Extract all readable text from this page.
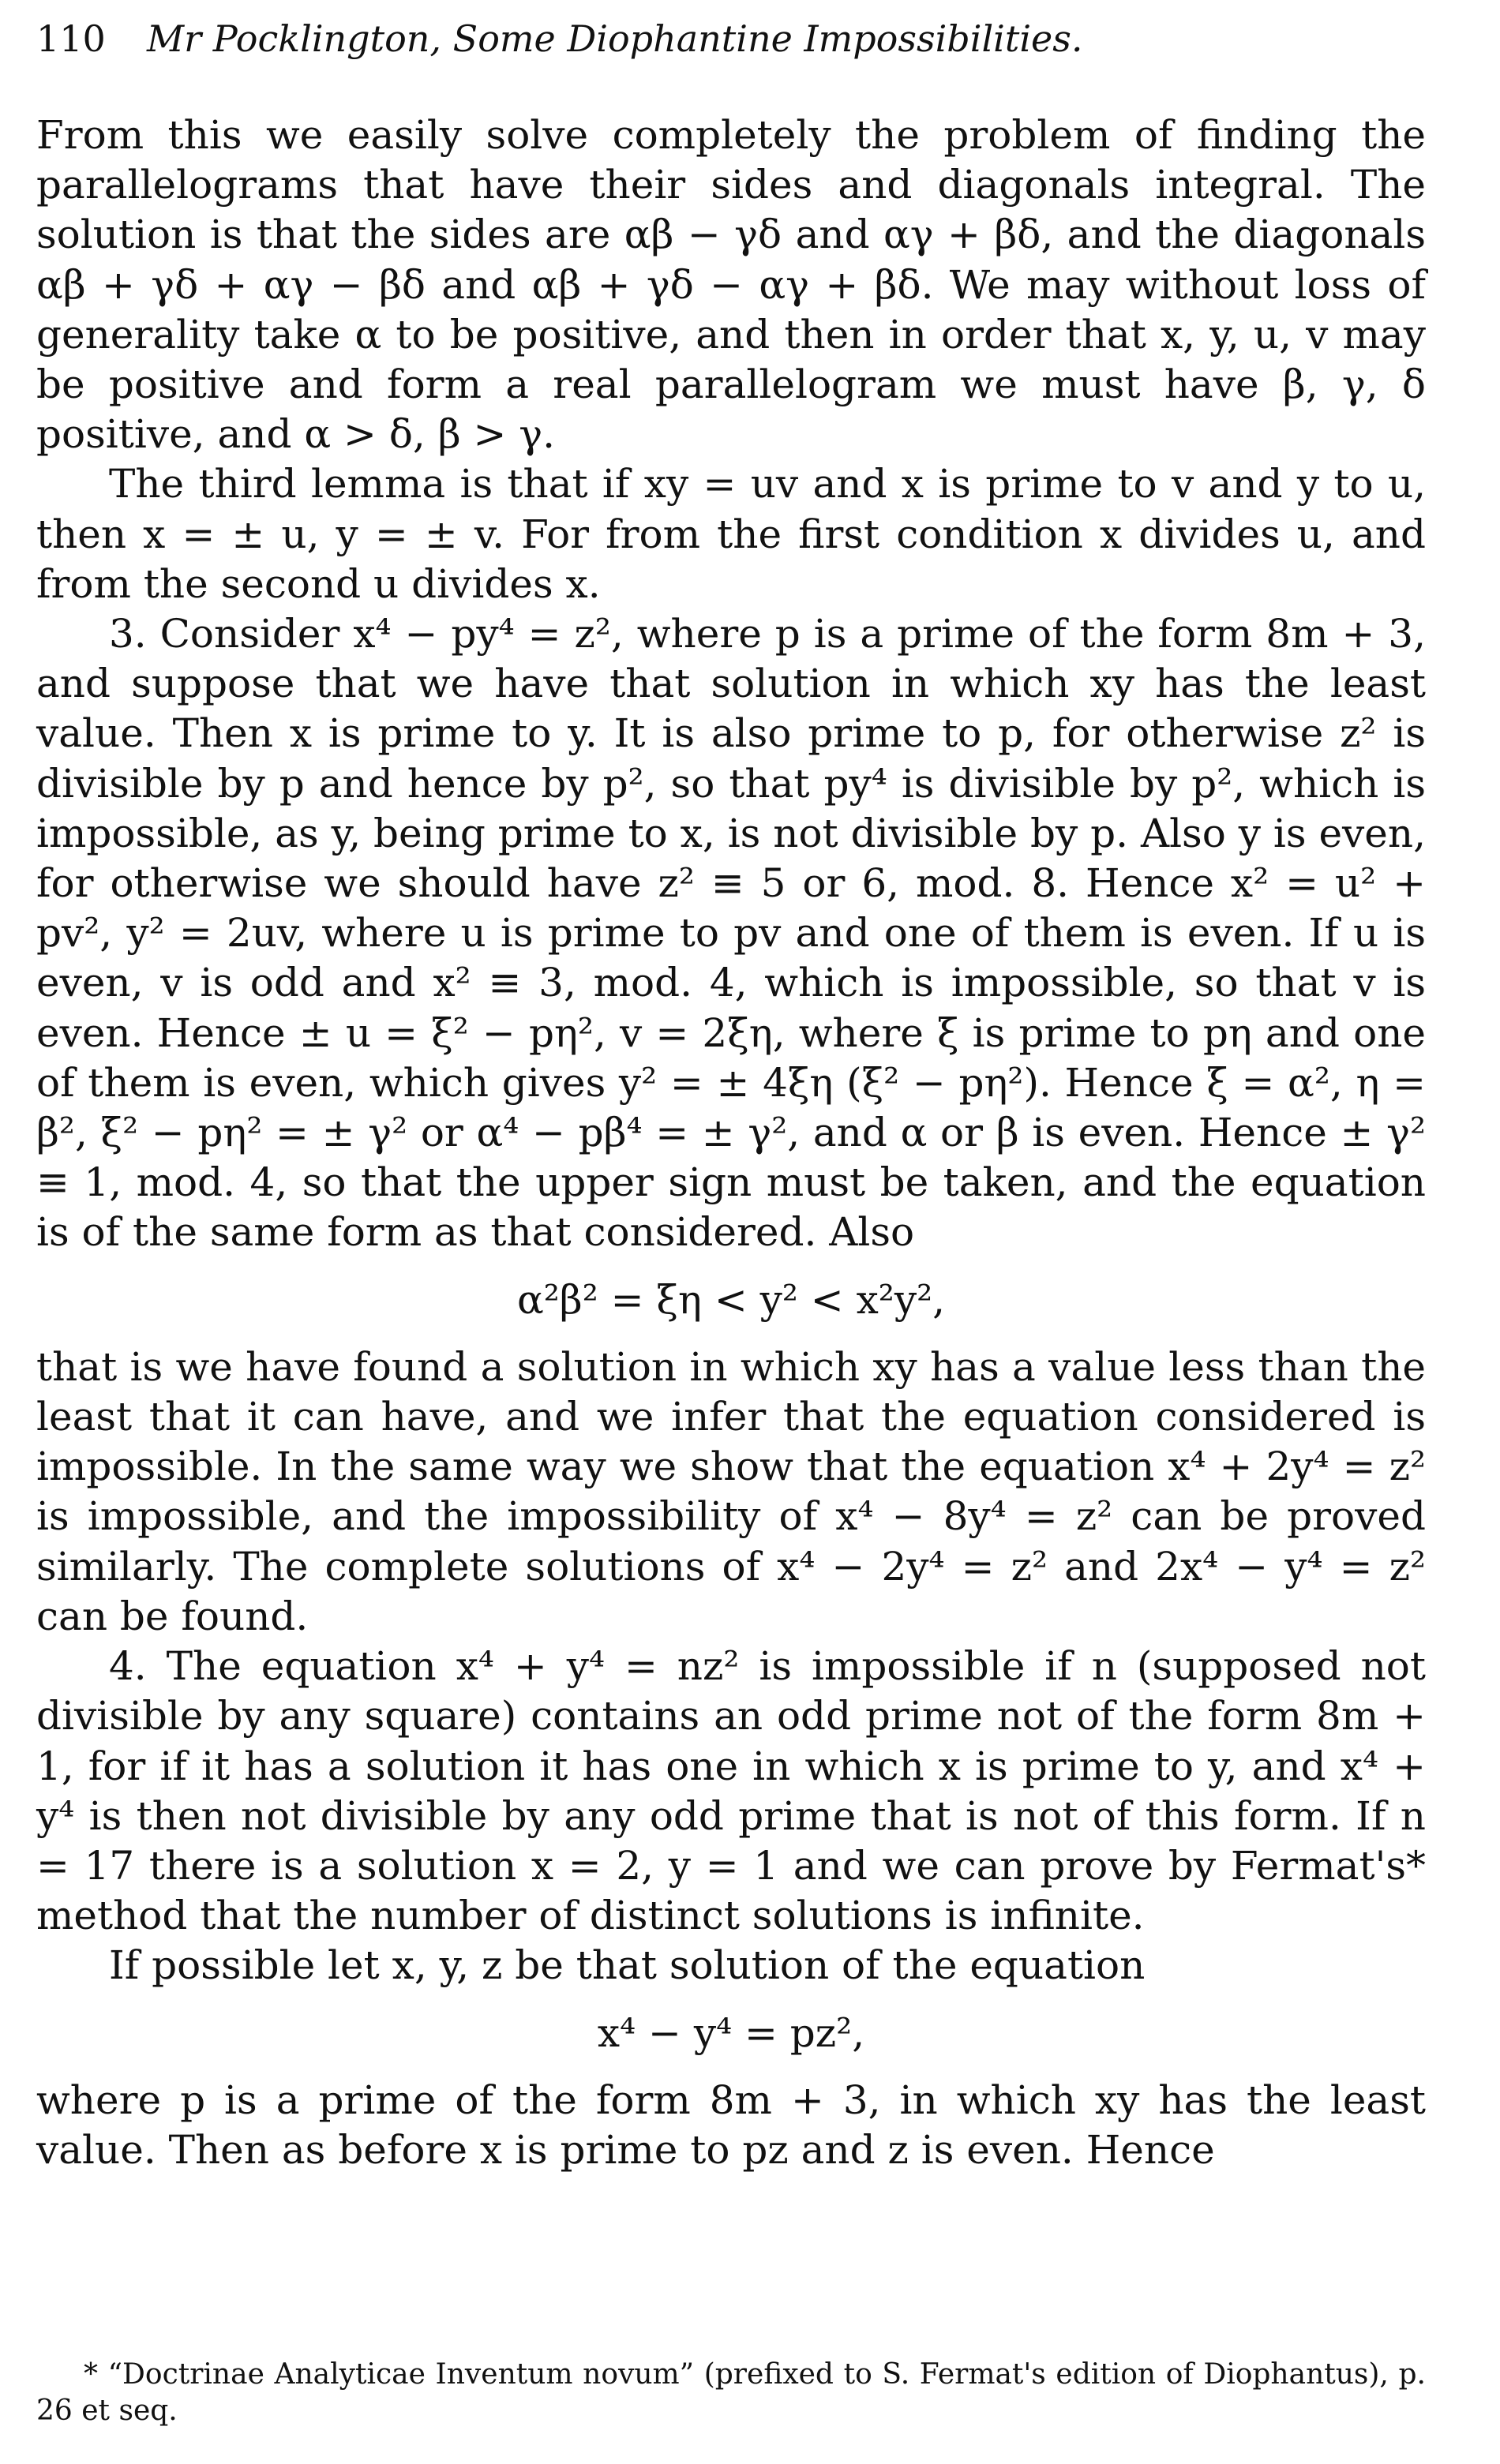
110 Mr Pocklington, Some Diophantine Impossibilities.

From this we easily solve completely the problem of finding the parallelograms that have their sides and diagonals integral. The solution is that the sides are αβ − γδ and αγ + βδ, and the diagonals αβ + γδ + αγ − βδ and αβ + γδ − αγ + βδ. We may without loss of generality take α to be positive, and then in order that x, y, u, v may be positive and form a real parallelogram we must have β, γ, δ positive, and α > δ, β > γ.

The third lemma is that if xy = uv and x is prime to v and y to u, then x = ± u, y = ± v. For from the first condition x divides u, and from the second u divides x.

3. Consider x⁴ − py⁴ = z², where p is a prime of the form 8m + 3, and suppose that we have that solution in which xy has the least value. Then x is prime to y. It is also prime to p, for otherwise z² is divisible by p and hence by p², so that py⁴ is divisible by p², which is impossible, as y, being prime to x, is not divisible by p. Also y is even, for otherwise we should have z² ≡ 5 or 6, mod. 8. Hence x² = u² + pv², y² = 2uv, where u is prime to pv and one of them is even. If u is even, v is odd and x² ≡ 3, mod. 4, which is impossible, so that v is even. Hence ± u = ξ² − pη², v = 2ξη, where ξ is prime to pη and one of them is even, which gives y² = ± 4ξη (ξ² − pη²). Hence ξ = α², η = β², ξ² − pη² = ± γ² or α⁴ − pβ⁴ = ± γ², and α or β is even. Hence ± γ² ≡ 1, mod. 4, so that the upper sign must be taken, and the equation is of the same form as that considered. Also

α²β² = ξη < y² < x²y²,

that is we have found a solution in which xy has a value less than the least that it can have, and we infer that the equation considered is impossible. In the same way we show that the equation x⁴ + 2y⁴ = z² is impossible, and the impossibility of x⁴ − 8y⁴ = z² can be proved similarly. The complete solutions of x⁴ − 2y⁴ = z² and 2x⁴ − y⁴ = z² can be found.

4. The equation x⁴ + y⁴ = nz² is impossible if n (supposed not divisible by any square) contains an odd prime not of the form 8m + 1, for if it has a solution it has one in which x is prime to y, and x⁴ + y⁴ is then not divisible by any odd prime that is not of this form. If n = 17 there is a solution x = 2, y = 1 and we can prove by Fermat's* method that the number of distinct solutions is infinite.

If possible let x, y, z be that solution of the equation

x⁴ − y⁴ = pz²,

where p is a prime of the form 8m + 3, in which xy has the least value. Then as before x is prime to pz and z is even. Hence

* “Doctrinae Analyticae Inventum novum” (prefixed to S. Fermat's edition of Diophantus), p. 26 et seq.
